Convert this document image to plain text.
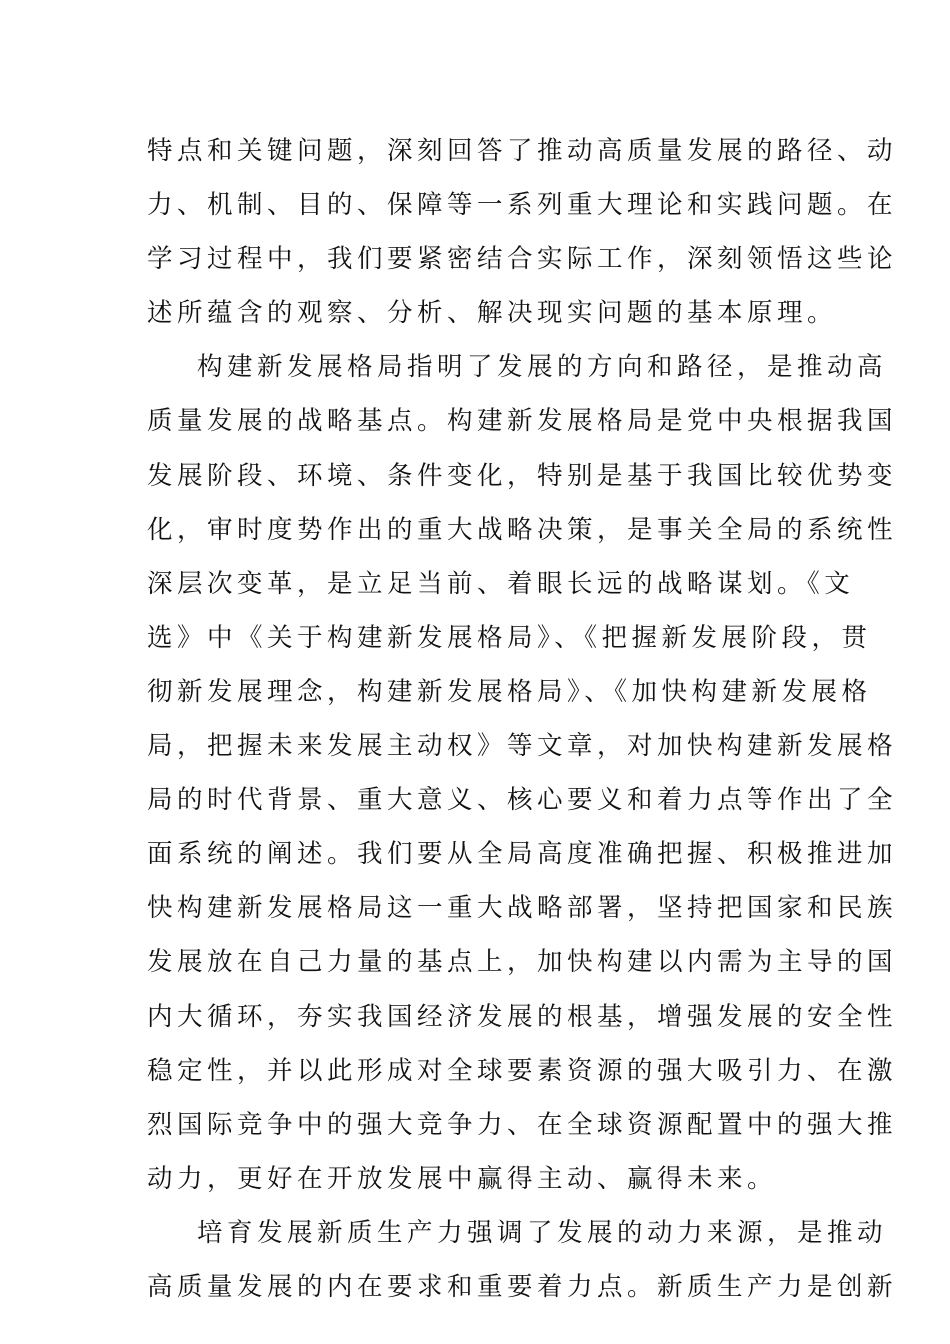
特点和关键问题，深刻回答了推动高质量发展的路径、动
力、机制、目的、保障等一系列重大理论和实践问题。在
学习过程中，我们要紧密结合实际工作，深刻领悟这些论
述所蕴含的观察、分析、解决现实问题的基本原理。
构建新发展格局指明了发展的方向和路径，是推动高
质量发展的战略基点。构建新发展格局是党中央根据我国
发展阶段、环境、条件变化，特别是基于我国比较优势变
化，审时度势作出的重大战略决策，是事关全局的系统性
深层次变革，是立足当前、着眼长远的战略谋划。《文
选》中《关于构建新发展格局》、《把握新发展阶段，贯
彻新发展理念，构建新发展格局》、《加快构建新发展格
局，把握未来发展主动权》等文章，对加快构建新发展格
局的时代背景、重大意义、核心要义和着力点等作出了全
面系统的阐述。我们要从全局高度准确把握、积极推进加
快构建新发展格局这一重大战略部署，坚持把国家和民族
发展放在自己力量的基点上，加快构建以内需为主导的国
内大循环，夯实我国经济发展的根基，增强发展的安全性
稳定性，并以此形成对全球要素资源的强大吸引力、在激
烈国际竞争中的强大竞争力、在全球资源配置中的强大推
动力，更好在开放发展中赢得主动、赢得未来。
培育发展新质生产力强调了发展的动力来源，是推动
高质量发展的内在要求和重要着力点。新质生产力是创新
